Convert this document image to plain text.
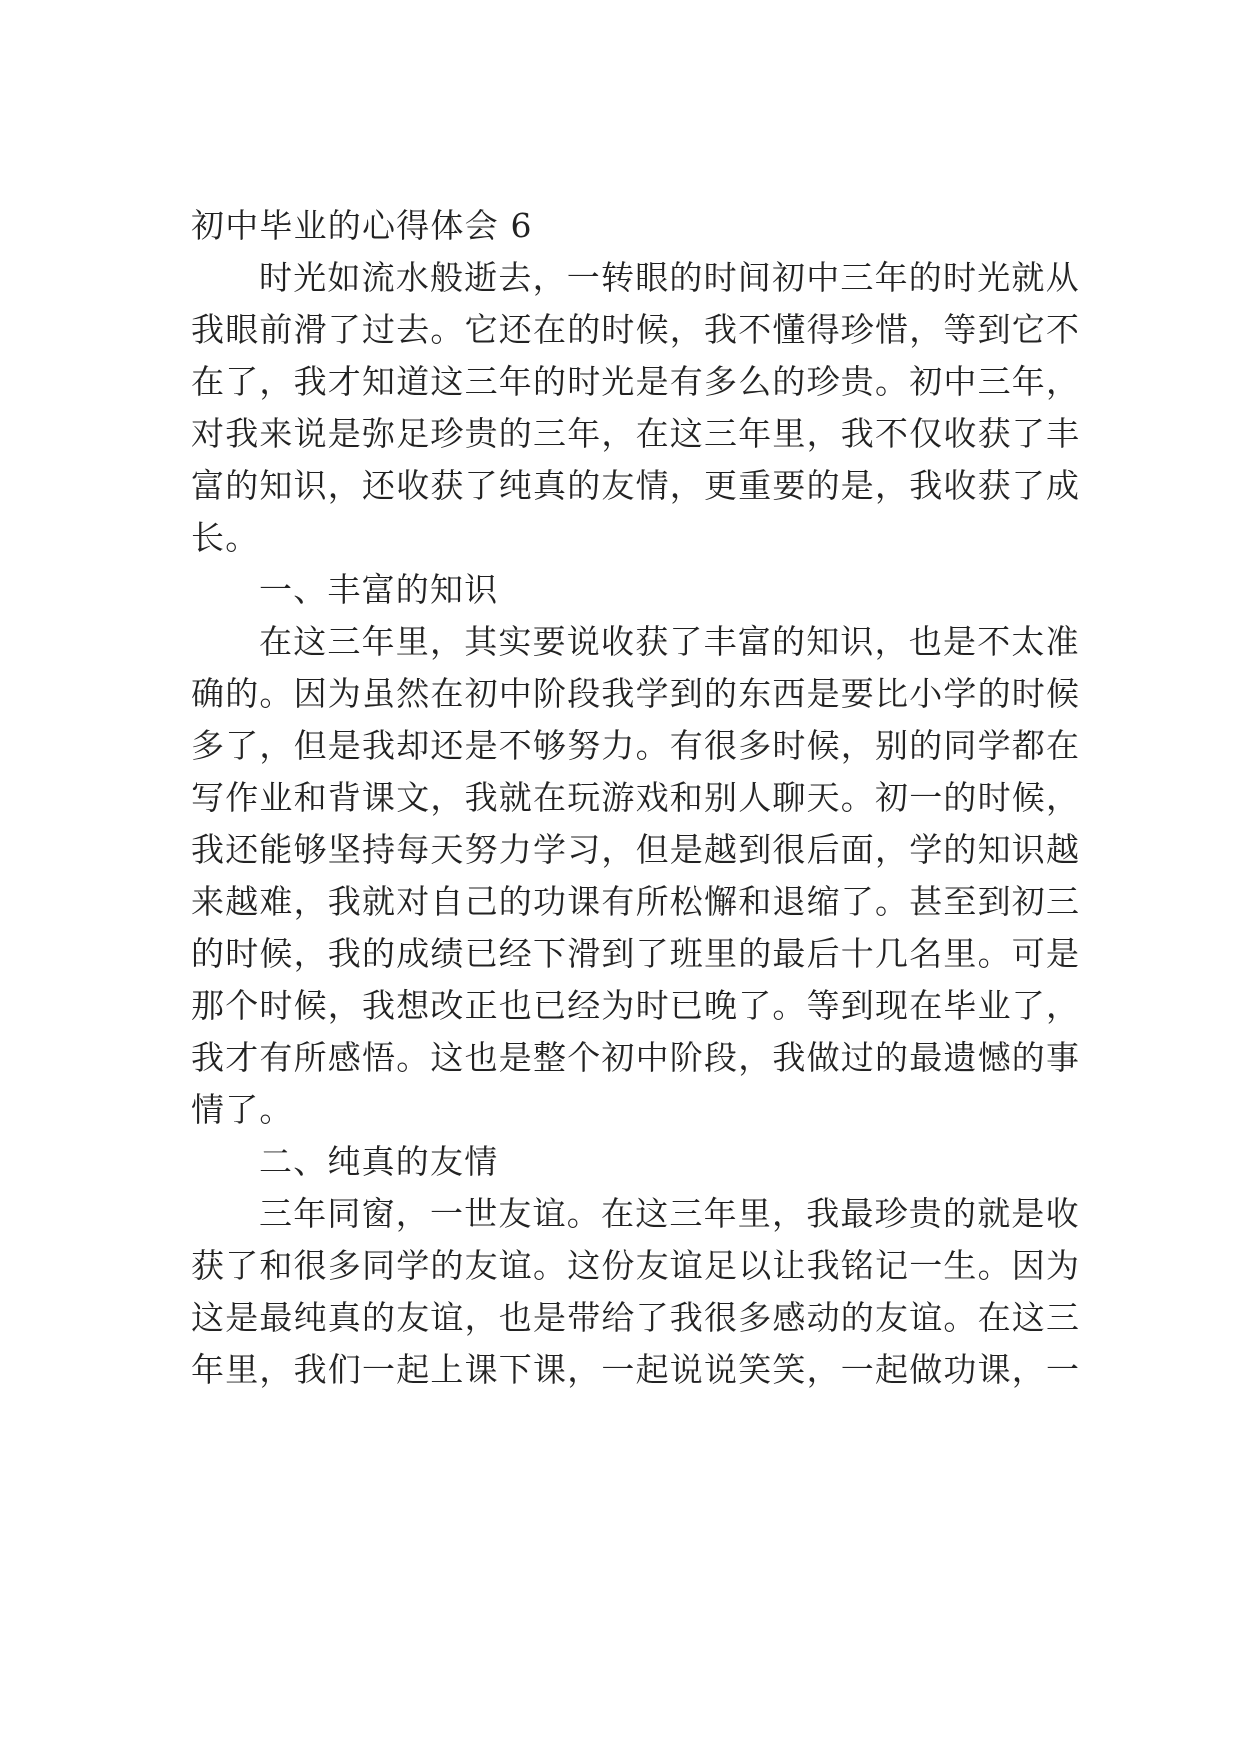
初中毕业的心得体会 6
时光如流水般逝去，一转眼的时间初中三年的时光就从
我眼前滑了过去。它还在的时候，我不懂得珍惜，等到它不
在了，我才知道这三年的时光是有多么的珍贵。初中三年，
对我来说是弥足珍贵的三年，在这三年里，我不仅收获了丰
富的知识，还收获了纯真的友情，更重要的是，我收获了成
长。
一、丰富的知识
在这三年里，其实要说收获了丰富的知识，也是不太准
确的。因为虽然在初中阶段我学到的东西是要比小学的时候
多了，但是我却还是不够努力。有很多时候，别的同学都在
写作业和背课文，我就在玩游戏和别人聊天。初一的时候，
我还能够坚持每天努力学习，但是越到很后面，学的知识越
来越难，我就对自己的功课有所松懈和退缩了。甚至到初三
的时候，我的成绩已经下滑到了班里的最后十几名里。可是
那个时候，我想改正也已经为时已晚了。等到现在毕业了，
我才有所感悟。这也是整个初中阶段，我做过的最遗憾的事
情了。
二、纯真的友情
三年同窗，一世友谊。在这三年里，我最珍贵的就是收
获了和很多同学的友谊。这份友谊足以让我铭记一生。因为
这是最纯真的友谊，也是带给了我很多感动的友谊。在这三
年里，我们一起上课下课，一起说说笑笑，一起做功课，一
